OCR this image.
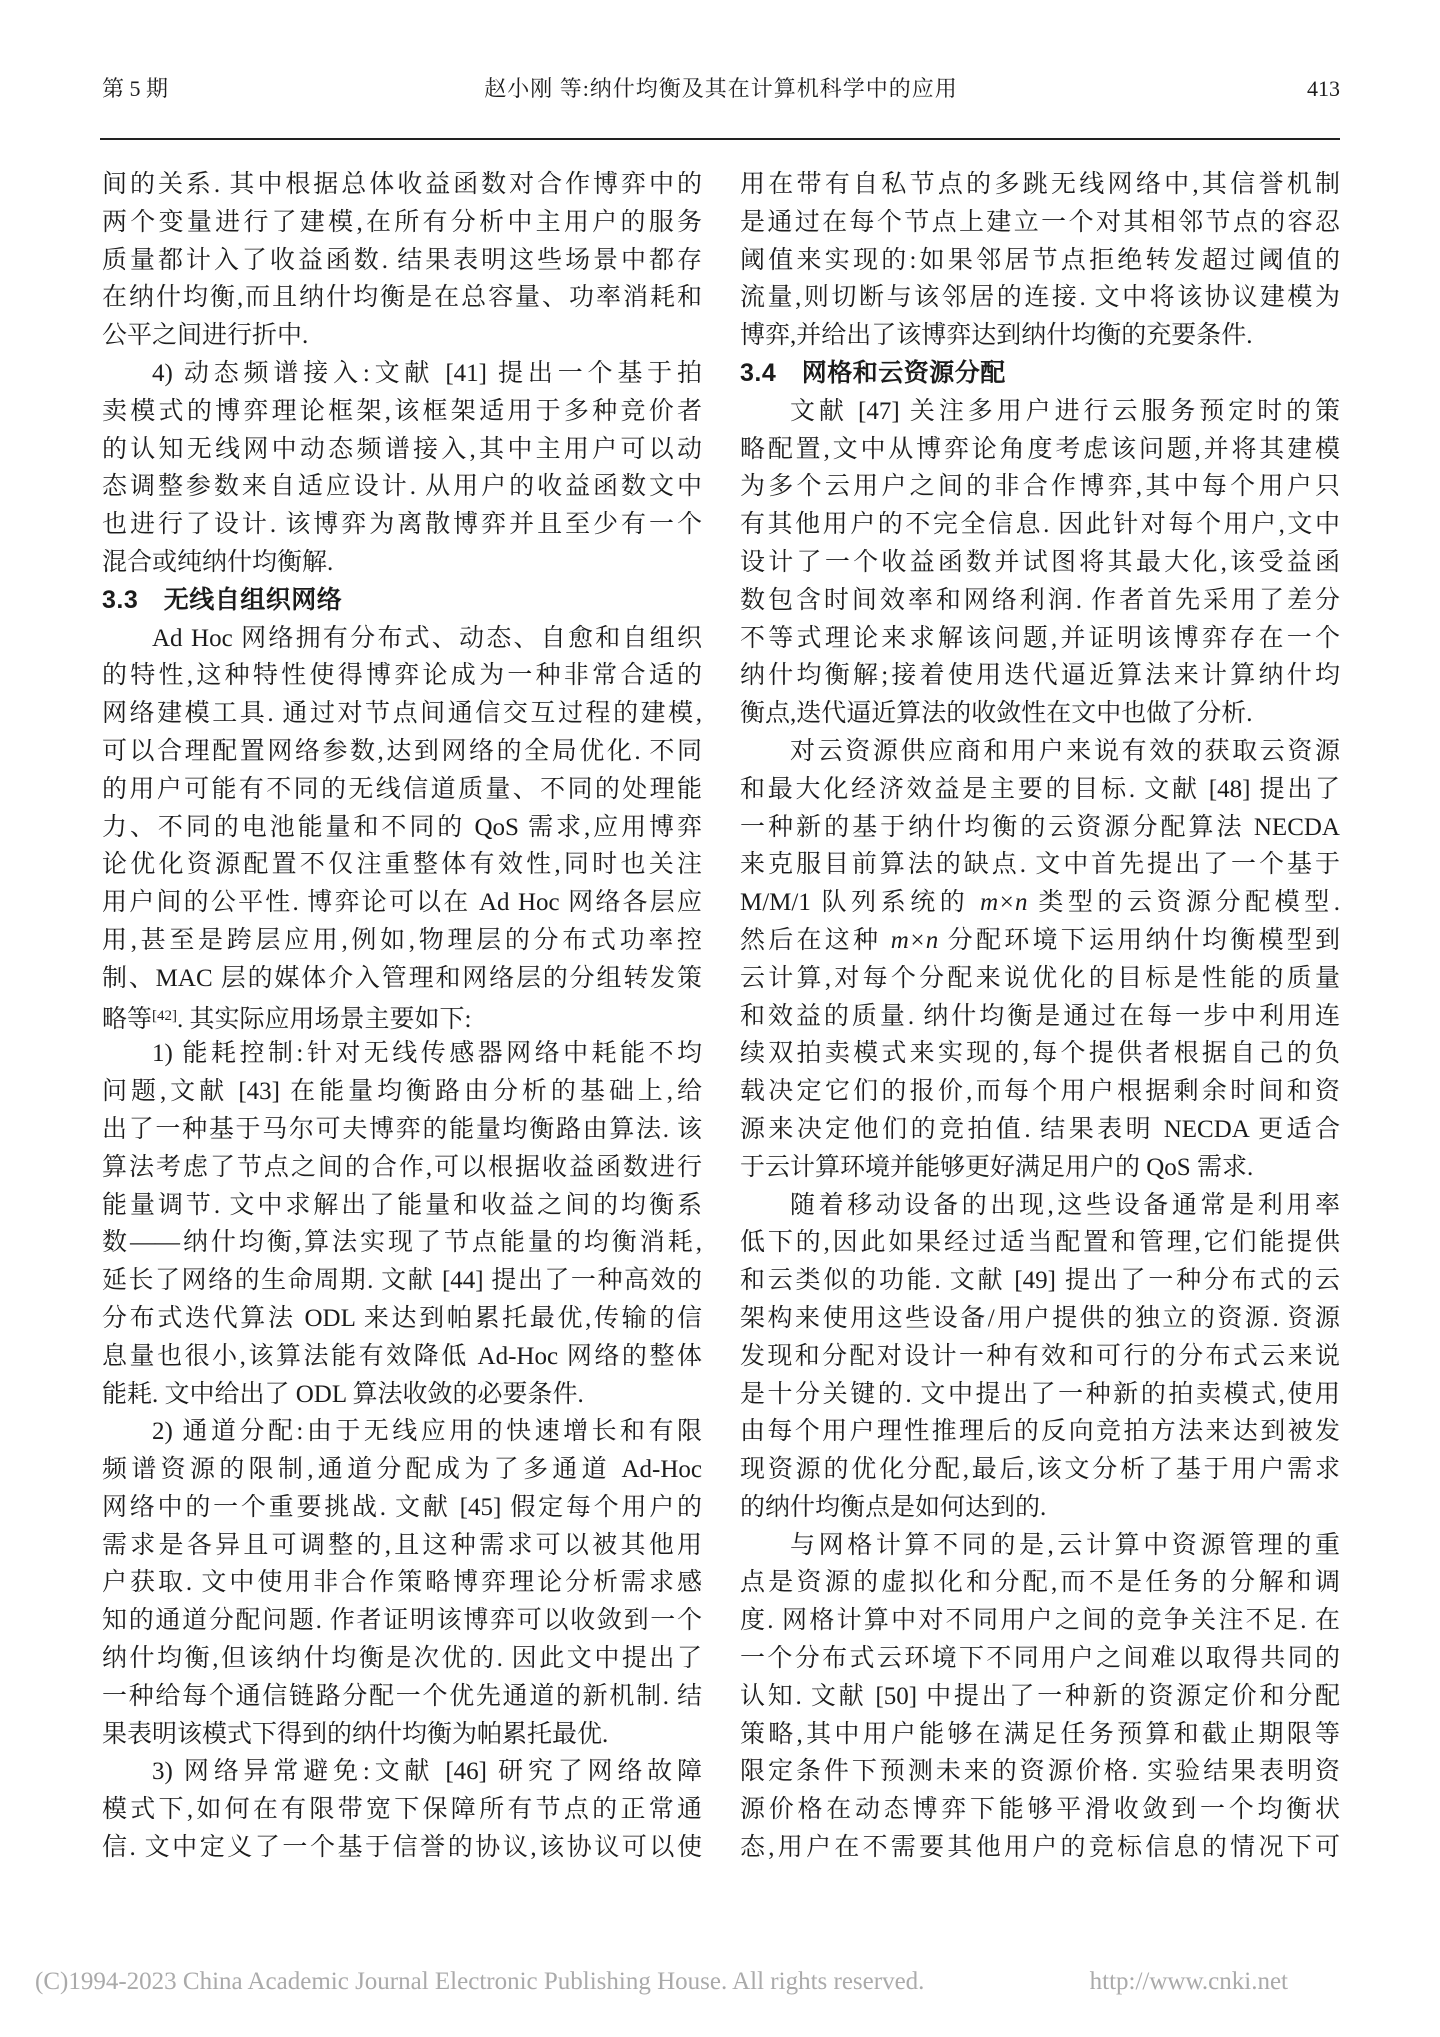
第 5 期	赵小刚 等:纳什均衡及其在计算机科学中的应用	413
间的关系. 其中根据总体收益函数对合作博弈中的
两个变量进行了建模,在所有分析中主用户的服务
质量都计入了收益函数. 结果表明这些场景中都存
在纳什均衡,而且纳什均衡是在总容量、功率消耗和
公平之间进行折中.
4) 动态频谱接入:文献 [41] 提出一个基于拍
卖模式的博弈理论框架,该框架适用于多种竞价者
的认知无线网中动态频谱接入,其中主用户可以动
态调整参数来自适应设计. 从用户的收益函数文中
也进行了设计. 该博弈为离散博弈并且至少有一个
混合或纯纳什均衡解.
3.3　无线自组织网络
Ad Hoc 网络拥有分布式、动态、自愈和自组织
的特性,这种特性使得博弈论成为一种非常合适的
网络建模工具. 通过对节点间通信交互过程的建模,
可以合理配置网络参数,达到网络的全局优化. 不同
的用户可能有不同的无线信道质量、不同的处理能
力、不同的电池能量和不同的 QoS 需求,应用博弈
论优化资源配置不仅注重整体有效性,同时也关注
用户间的公平性. 博弈论可以在 Ad Hoc 网络各层应
用,甚至是跨层应用,例如,物理层的分布式功率控
制、MAC 层的媒体介入管理和网络层的分组转发策
略等[42]. 其实际应用场景主要如下:
1) 能耗控制:针对无线传感器网络中耗能不均
问题,文献 [43] 在能量均衡路由分析的基础上,给
出了一种基于马尔可夫博弈的能量均衡路由算法. 该
算法考虑了节点之间的合作,可以根据收益函数进行
能量调节. 文中求解出了能量和收益之间的均衡系
数——纳什均衡,算法实现了节点能量的均衡消耗,
延长了网络的生命周期. 文献 [44] 提出了一种高效的
分布式迭代算法 ODL 来达到帕累托最优,传输的信
息量也很小,该算法能有效降低 Ad-Hoc 网络的整体
能耗. 文中给出了 ODL 算法收敛的必要条件.
2) 通道分配:由于无线应用的快速增长和有限
频谱资源的限制,通道分配成为了多通道 Ad-Hoc
网络中的一个重要挑战. 文献 [45] 假定每个用户的
需求是各异且可调整的,且这种需求可以被其他用
户获取. 文中使用非合作策略博弈理论分析需求感
知的通道分配问题. 作者证明该博弈可以收敛到一个
纳什均衡,但该纳什均衡是次优的. 因此文中提出了
一种给每个通信链路分配一个优先通道的新机制. 结
果表明该模式下得到的纳什均衡为帕累托最优.
3) 网络异常避免:文献 [46] 研究了网络故障
模式下,如何在有限带宽下保障所有节点的正常通
信. 文中定义了一个基于信誉的协议,该协议可以使
用在带有自私节点的多跳无线网络中,其信誉机制
是通过在每个节点上建立一个对其相邻节点的容忍
阈值来实现的:如果邻居节点拒绝转发超过阈值的
流量,则切断与该邻居的连接. 文中将该协议建模为
博弈,并给出了该博弈达到纳什均衡的充要条件.
3.4　网格和云资源分配
文献 [47] 关注多用户进行云服务预定时的策
略配置,文中从博弈论角度考虑该问题,并将其建模
为多个云用户之间的非合作博弈,其中每个用户只
有其他用户的不完全信息. 因此针对每个用户,文中
设计了一个收益函数并试图将其最大化,该受益函
数包含时间效率和网络利润. 作者首先采用了差分
不等式理论来求解该问题,并证明该博弈存在一个
纳什均衡解;接着使用迭代逼近算法来计算纳什均
衡点,迭代逼近算法的收敛性在文中也做了分析.
对云资源供应商和用户来说有效的获取云资源
和最大化经济效益是主要的目标. 文献 [48] 提出了
一种新的基于纳什均衡的云资源分配算法 NECDA
来克服目前算法的缺点. 文中首先提出了一个基于
M/M/1 队列系统的 m×n 类型的云资源分配模型.
然后在这种 m×n 分配环境下运用纳什均衡模型到
云计算,对每个分配来说优化的目标是性能的质量
和效益的质量. 纳什均衡是通过在每一步中利用连
续双拍卖模式来实现的,每个提供者根据自己的负
载决定它们的报价,而每个用户根据剩余时间和资
源来决定他们的竞拍值. 结果表明 NECDA 更适合
于云计算环境并能够更好满足用户的 QoS 需求.
随着移动设备的出现,这些设备通常是利用率
低下的,因此如果经过适当配置和管理,它们能提供
和云类似的功能. 文献 [49] 提出了一种分布式的云
架构来使用这些设备/用户提供的独立的资源. 资源
发现和分配对设计一种有效和可行的分布式云来说
是十分关键的. 文中提出了一种新的拍卖模式,使用
由每个用户理性推理后的反向竞拍方法来达到被发
现资源的优化分配,最后,该文分析了基于用户需求
的纳什均衡点是如何达到的.
与网格计算不同的是,云计算中资源管理的重
点是资源的虚拟化和分配,而不是任务的分解和调
度. 网格计算中对不同用户之间的竞争关注不足. 在
一个分布式云环境下不同用户之间难以取得共同的
认知. 文献 [50] 中提出了一种新的资源定价和分配
策略,其中用户能够在满足任务预算和截止期限等
限定条件下预测未来的资源价格. 实验结果表明资
源价格在动态博弈下能够平滑收敛到一个均衡状
态,用户在不需要其他用户的竞标信息的情况下可
(C)1994-2023 China Academic Journal Electronic Publishing House. All rights reserved.	http://www.cnki.net
